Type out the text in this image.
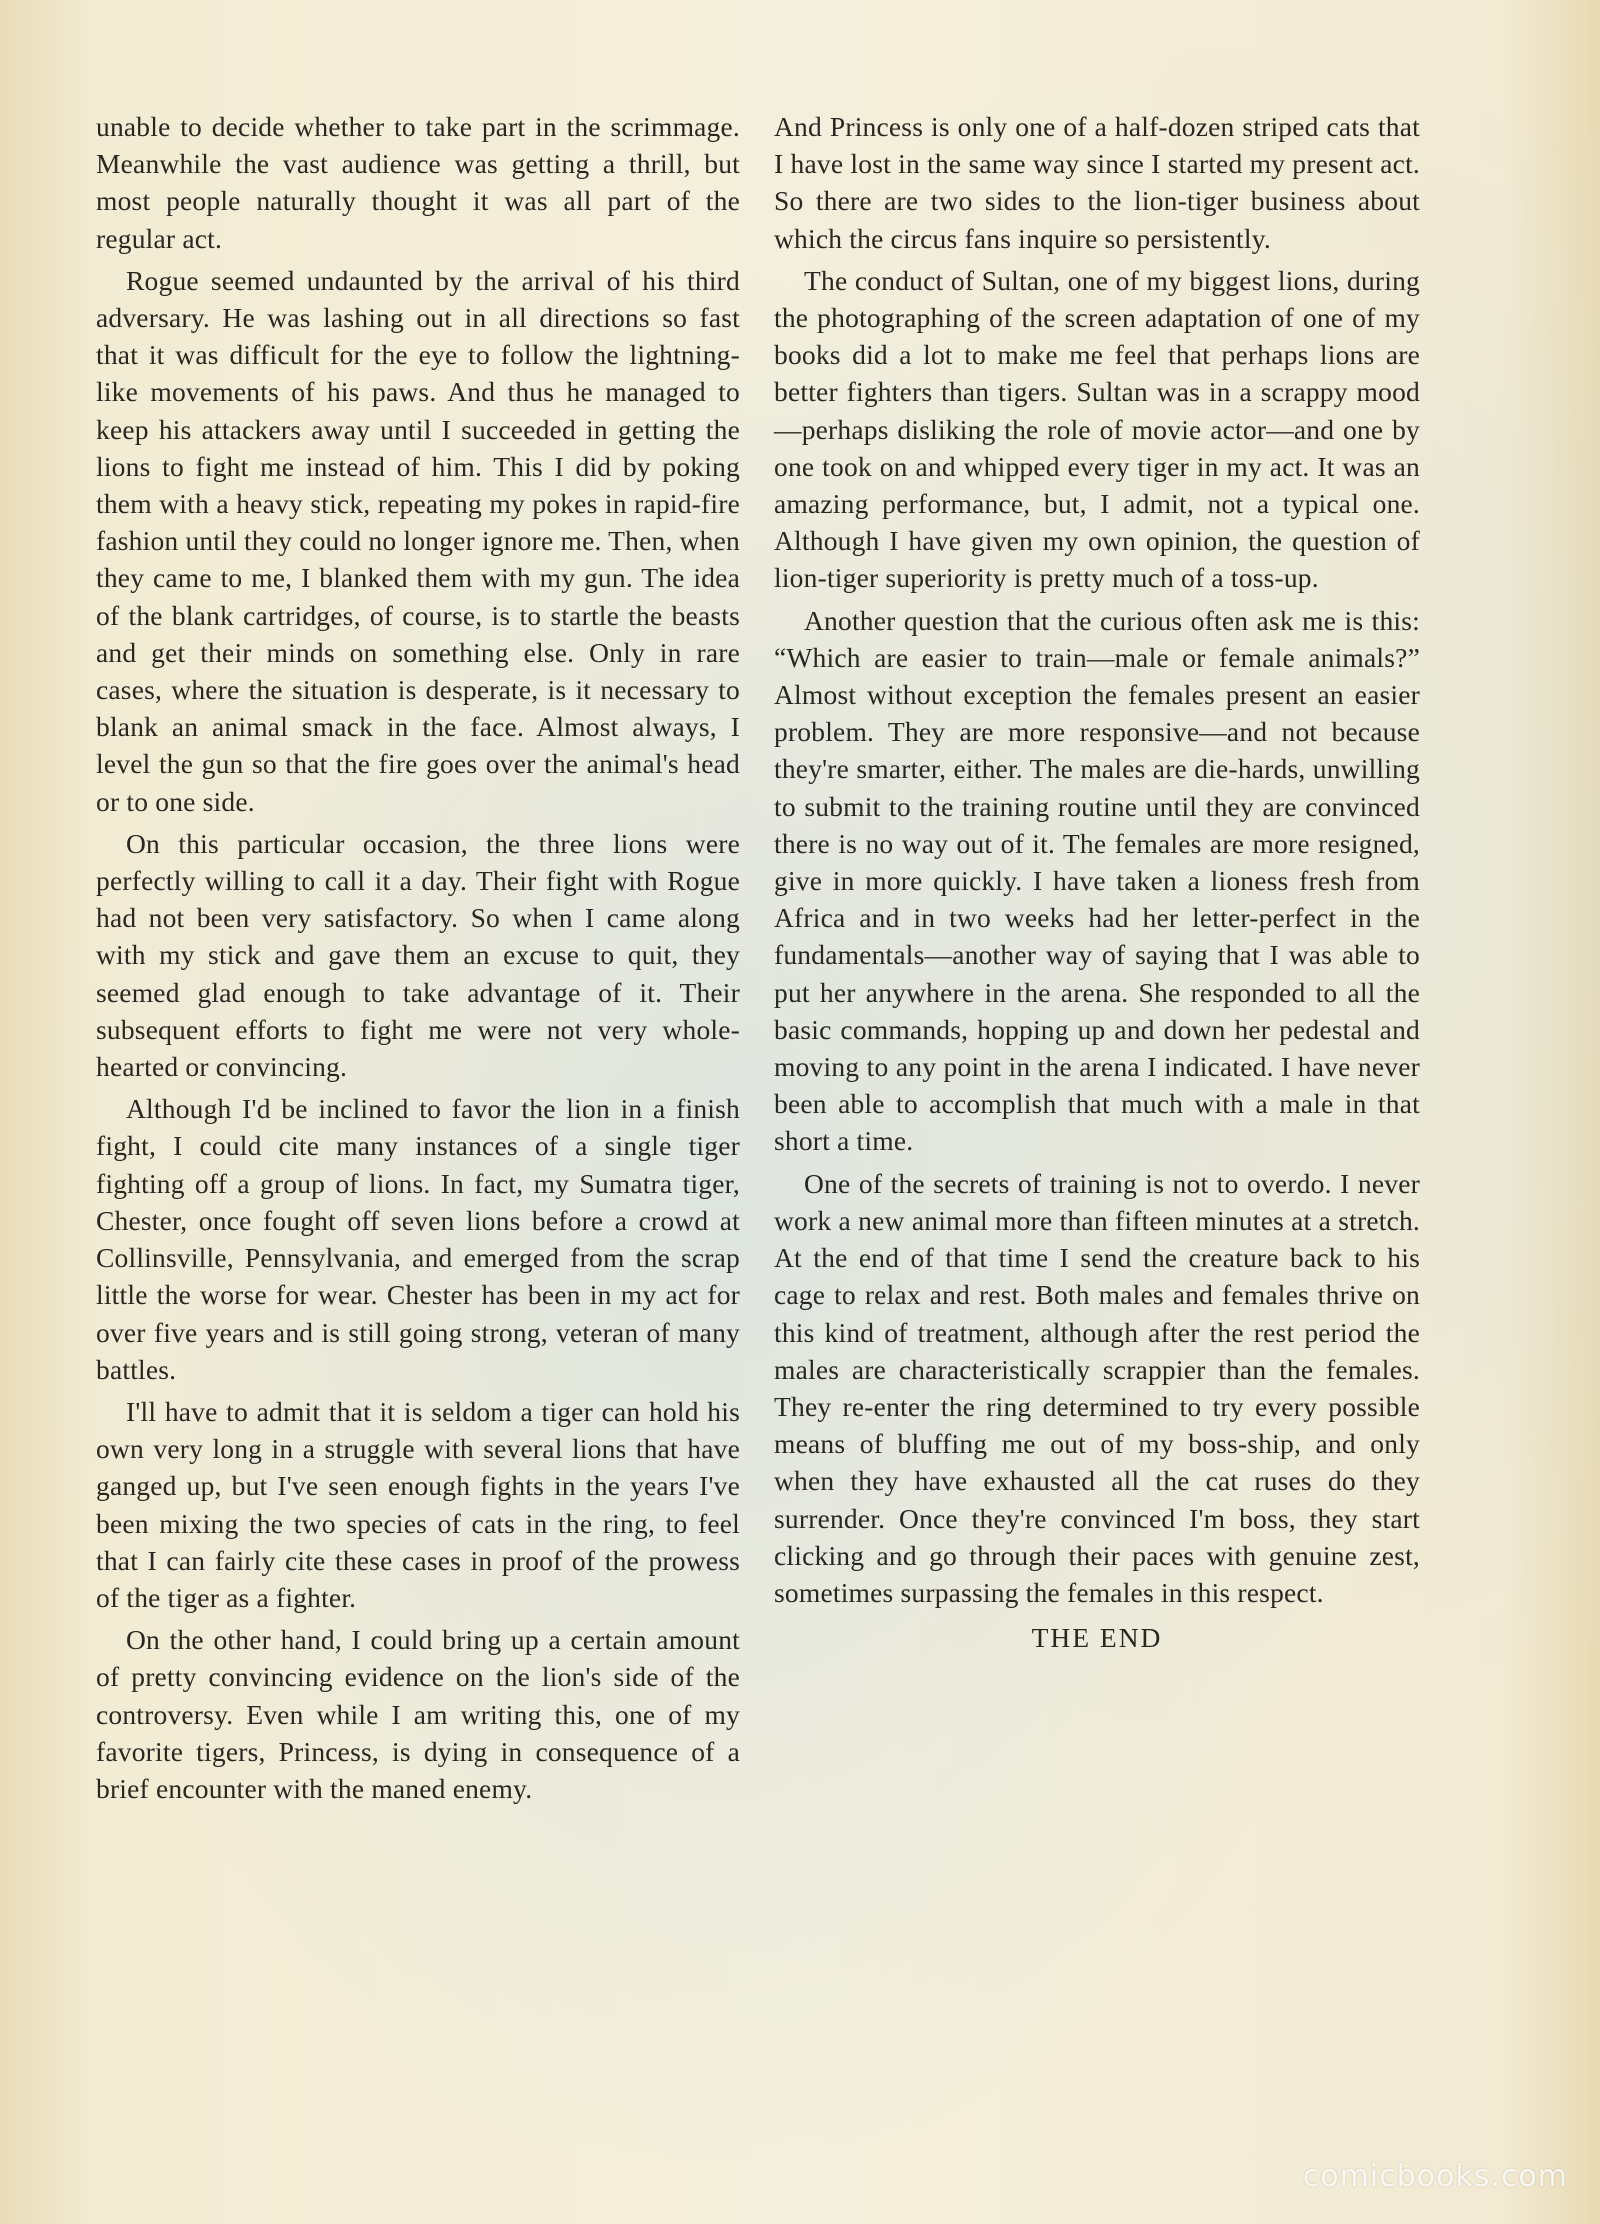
unable to decide whether to take part in the scrimmage. Meanwhile the vast audience was getting a thrill, but most people naturally thought it was all part of the regular act.

Rogue seemed undaunted by the arrival of his third adversary. He was lashing out in all directions so fast that it was difficult for the eye to follow the lightning-like movements of his paws. And thus he managed to keep his attackers away until I succeeded in getting the lions to fight me instead of him. This I did by poking them with a heavy stick, repeating my pokes in rapid-fire fashion until they could no longer ignore me. Then, when they came to me, I blanked them with my gun. The idea of the blank cartridges, of course, is to startle the beasts and get their minds on something else. Only in rare cases, where the situation is desperate, is it necessary to blank an animal smack in the face. Almost always, I level the gun so that the fire goes over the animal's head or to one side.

On this particular occasion, the three lions were perfectly willing to call it a day. Their fight with Rogue had not been very satisfactory. So when I came along with my stick and gave them an excuse to quit, they seemed glad enough to take advantage of it. Their subsequent efforts to fight me were not very whole-hearted or convincing.

Although I'd be inclined to favor the lion in a finish fight, I could cite many instances of a single tiger fighting off a group of lions. In fact, my Sumatra tiger, Chester, once fought off seven lions before a crowd at Collinsville, Pennsylvania, and emerged from the scrap little the worse for wear. Chester has been in my act for over five years and is still going strong, veteran of many battles.

I'll have to admit that it is seldom a tiger can hold his own very long in a struggle with several lions that have ganged up, but I've seen enough fights in the years I've been mixing the two species of cats in the ring, to feel that I can fairly cite these cases in proof of the prowess of the tiger as a fighter.

On the other hand, I could bring up a certain amount of pretty convincing evidence on the lion's side of the controversy. Even while I am writing this, one of my favorite tigers, Princess, is dying in consequence of a brief encounter with the maned enemy.

And Princess is only one of a half-dozen striped cats that I have lost in the same way since I started my present act. So there are two sides to the lion-tiger business about which the circus fans inquire so persistently.

The conduct of Sultan, one of my biggest lions, during the photographing of the screen adaptation of one of my books did a lot to make me feel that perhaps lions are better fighters than tigers. Sultan was in a scrappy mood—perhaps disliking the role of movie actor—and one by one took on and whipped every tiger in my act. It was an amazing performance, but, I admit, not a typical one. Although I have given my own opinion, the question of lion-tiger superiority is pretty much of a toss-up.

Another question that the curious often ask me is this: “Which are easier to train—male or female animals?” Almost without exception the females present an easier problem. They are more responsive—and not because they're smarter, either. The males are die-hards, unwilling to submit to the training routine until they are convinced there is no way out of it. The females are more resigned, give in more quickly. I have taken a lioness fresh from Africa and in two weeks had her letter-perfect in the fundamentals—another way of saying that I was able to put her anywhere in the arena. She responded to all the basic commands, hopping up and down her pedestal and moving to any point in the arena I indicated. I have never been able to accomplish that much with a male in that short a time.

One of the secrets of training is not to overdo. I never work a new animal more than fifteen minutes at a stretch. At the end of that time I send the creature back to his cage to relax and rest. Both males and females thrive on this kind of treatment, although after the rest period the males are characteristically scrappier than the females. They re-enter the ring determined to try every possible means of bluffing me out of my boss-ship, and only when they have exhausted all the cat ruses do they surrender. Once they're convinced I'm boss, they start clicking and go through their paces with genuine zest, sometimes surpassing the females in this respect.

THE END

comicbooks.com
